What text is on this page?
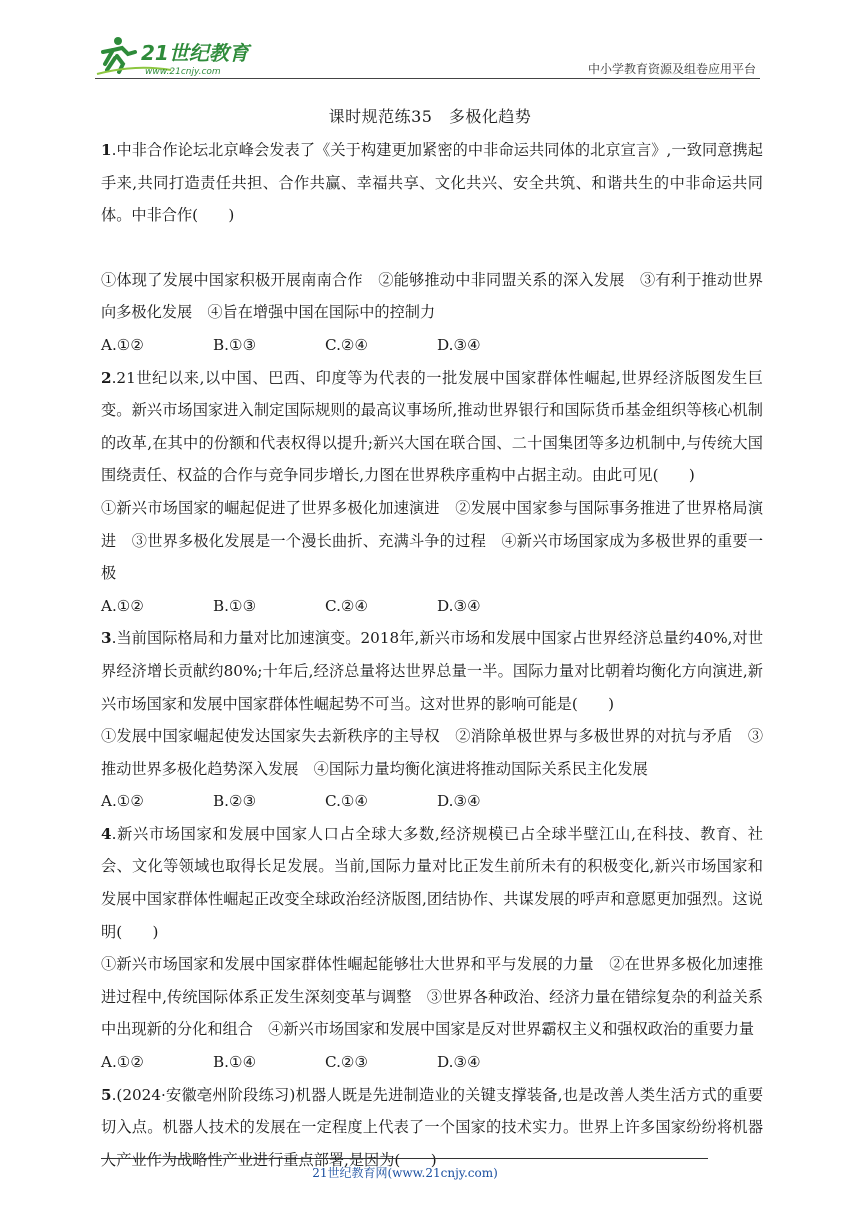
21世纪教育
www.21cnjy.com	中小学教育资源及组卷应用平台
课时规范练35　多极化趋势

1.中非合作论坛北京峰会发表了《关于构建更加紧密的中非命运共同体的北京宣言》,一致同意携起手来,共同打造责任共担、合作共赢、幸福共享、文化共兴、安全共筑、和谐共生的中非命运共同体。中非合作(　　)

①体现了发展中国家积极开展南南合作　②能够推动中非同盟关系的深入发展　③有利于推动世界向多极化发展　④旨在增强中国在国际中的控制力

A.①②	B.①③	C.②④	D.③④

2.21世纪以来,以中国、巴西、印度等为代表的一批发展中国家群体性崛起,世界经济版图发生巨变。新兴市场国家进入制定国际规则的最高议事场所,推动世界银行和国际货币基金组织等核心机制的改革,在其中的份额和代表权得以提升;新兴大国在联合国、二十国集团等多边机制中,与传统大国围绕责任、权益的合作与竞争同步增长,力图在世界秩序重构中占据主动。由此可见(　　)

①新兴市场国家的崛起促进了世界多极化加速演进　②发展中国家参与国际事务推进了世界格局演进　③世界多极化发展是一个漫长曲折、充满斗争的过程　④新兴市场国家成为多极世界的重要一极

A.①②	B.①③	C.②④	D.③④

3.当前国际格局和力量对比加速演变。2018年,新兴市场和发展中国家占世界经济总量约40%,对世界经济增长贡献约80%;十年后,经济总量将达世界总量一半。国际力量对比朝着均衡化方向演进,新兴市场国家和发展中国家群体性崛起势不可当。这对世界的影响可能是(　　)

①发展中国家崛起使发达国家失去新秩序的主导权　②消除单极世界与多极世界的对抗与矛盾　③推动世界多极化趋势深入发展　④国际力量均衡化演进将推动国际关系民主化发展

A.①②	B.②③	C.①④	D.③④

4.新兴市场国家和发展中国家人口占全球大多数,经济规模已占全球半壁江山,在科技、教育、社会、文化等领域也取得长足发展。当前,国际力量对比正发生前所未有的积极变化,新兴市场国家和发展中国家群体性崛起正改变全球政治经济版图,团结协作、共谋发展的呼声和意愿更加强烈。这说明(　　)

①新兴市场国家和发展中国家群体性崛起能够壮大世界和平与发展的力量　②在世界多极化加速推进过程中,传统国际体系正发生深刻变革与调整　③世界各种政治、经济力量在错综复杂的利益关系中出现新的分化和组合　④新兴市场国家和发展中国家是反对世界霸权主义和强权政治的重要力量

A.①②	B.①④	C.②③	D.③④

5.(2024·安徽亳州阶段练习)机器人既是先进制造业的关键支撑装备,也是改善人类生活方式的重要切入点。机器人技术的发展在一定程度上代表了一个国家的技术实力。世界上许多国家纷纷将机器人产业作为战略性产业进行重点部署,是因为(　　)

21世纪教育网(www.21cnjy.com)
